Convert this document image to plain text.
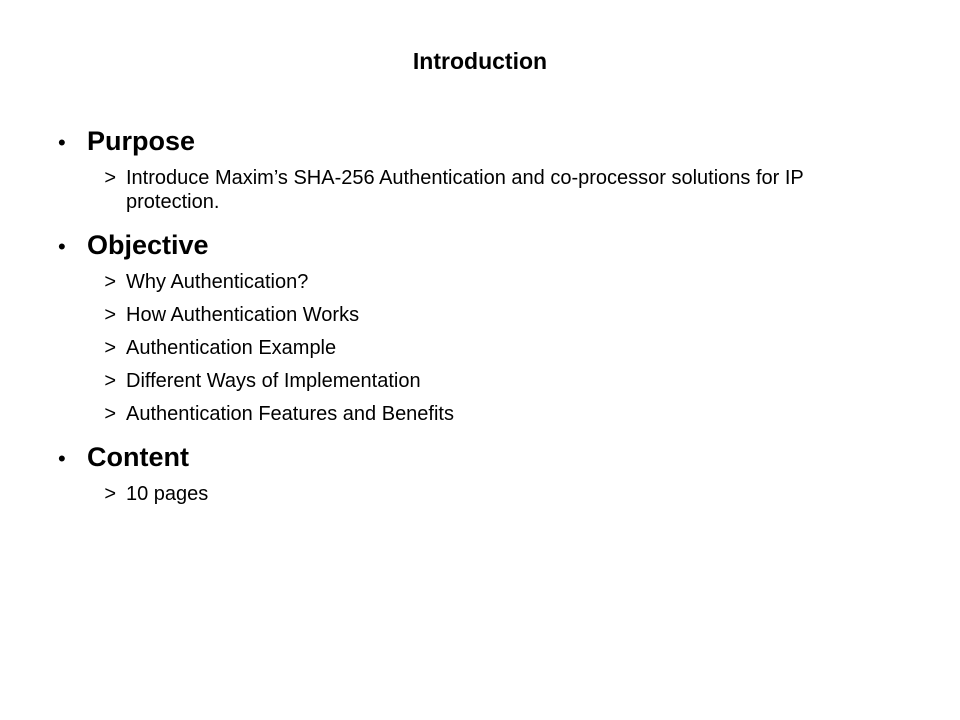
Introduction
• Purpose
> Introduce Maxim’s SHA-256 Authentication and co-processor solutions for IP protection.
• Objective
> Why Authentication?
> How Authentication Works
> Authentication Example
> Different Ways of Implementation
> Authentication Features and Benefits
• Content
> 10 pages
